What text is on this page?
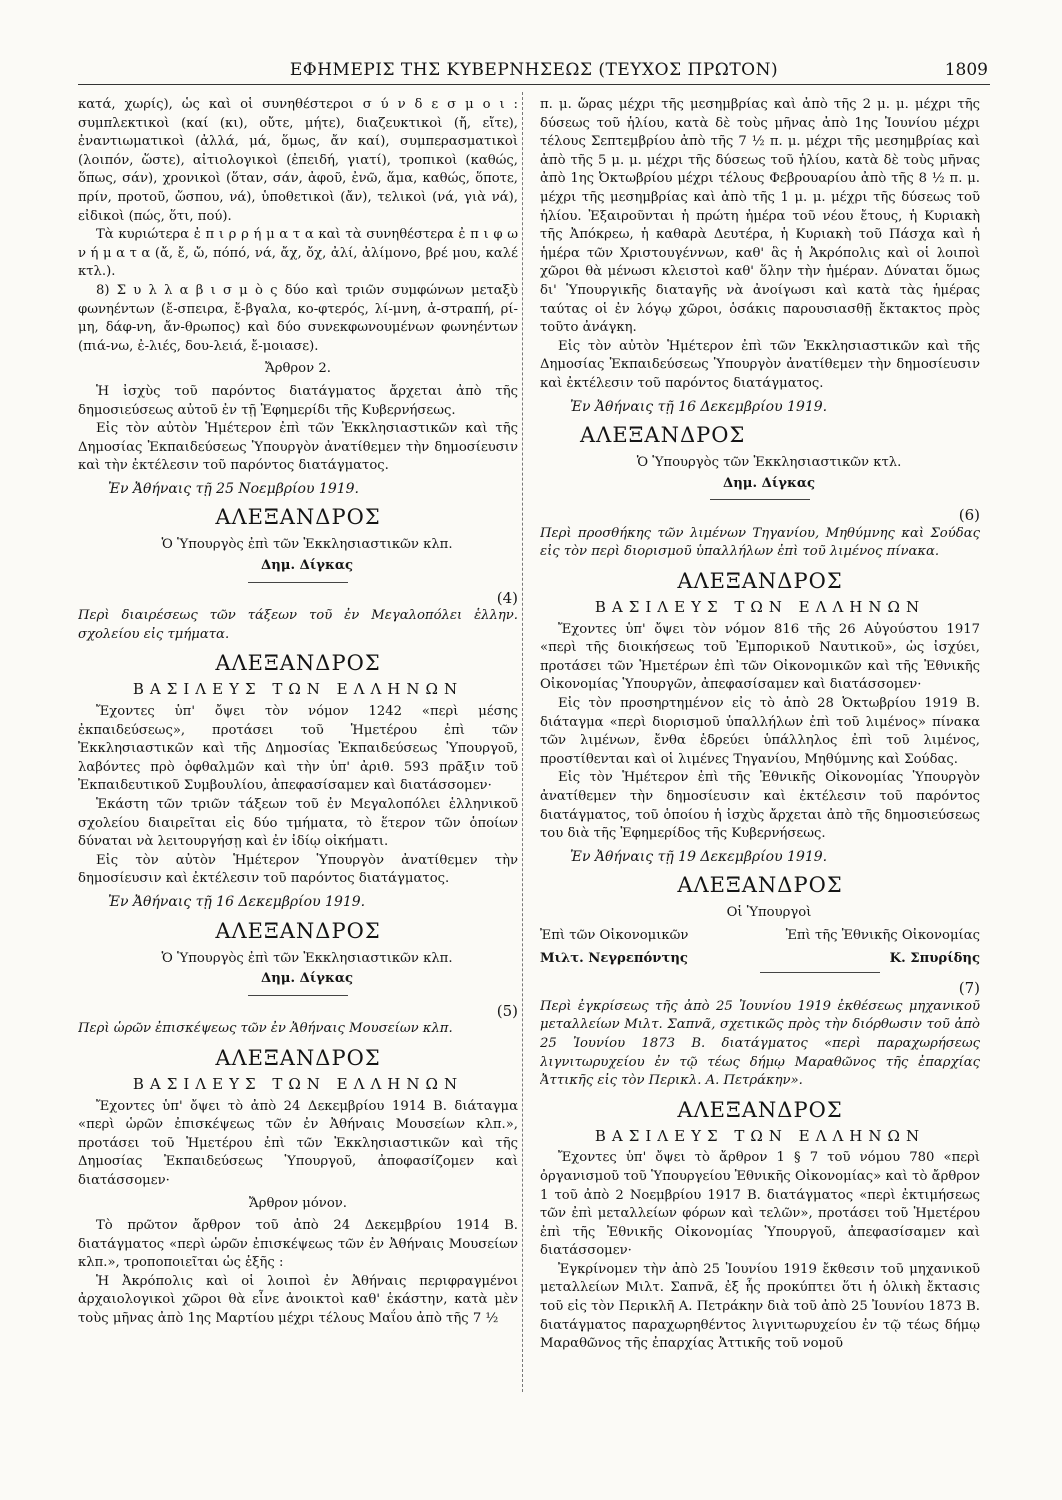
ΕΦΗΜΕΡΙΣ ΤΗΣ ΚΥΒΕΡΝΗΣΕΩΣ (ΤΕΥΧΟΣ ΠΡΩΤΟΝ)	1809

κατά, χωρίς), ὡς καὶ οἱ συνηθέστεροι σ ύ ν δ ε σ μ ο ι : συμπλεκτικοὶ (καί (κι), οὔτε, μήτε), διαζευκτικοὶ (ἤ, εἴτε), ἐναντιωματικοὶ (ἀλλά, μά, ὅμως, ἄν καί), συμπερασματικοὶ (λοιπόν, ὥστε), αἰτιολογικοὶ (ἐπειδή, γιατί), τροπικοὶ (καθώς, ὅπως, σάν), χρονικοὶ (ὅταν, σάν, ἀφοῦ, ἐνῶ, ἅμα, καθώς, ὅποτε, πρίν, προτοῦ, ὥσπου, νά), ὑποθετικοὶ (ἄν), τελικοὶ (νά, γιὰ νά), εἰδικοὶ (πώς, ὅτι, πού).

Τὰ κυριώτερα ἐ π ι ρ ρ ή μ α τ α καὶ τὰ συνηθέστερα ἐ π ι φ ω ν ή μ α τ α (ἄ, ἔ, ὤ, πόπό, νά, ἄχ, ὄχ, ἀλί, ἀλίμονο, βρέ μου, καλέ κτλ.).

8) Σ υ λ λ α β ι σ μ ὸ ς δύο καὶ τριῶν συμφώνων μεταξὺ φωνηέντων (ἔ-σπειρα, ἔ-βγαλα, κο-φτερός, λί-μνη, ἀ-στραπή, ρί-μη, δάφ-νη, ἄν-θρωπος) καὶ δύο συνεκφωνουμένων φωνηέντων (πιά-νω, ἐ-λιές, δου-λειά, ἔ-μοιασε).

Ἄρθρον 2.

Ἡ ἰσχὺς τοῦ παρόντος διατάγματος ἄρχεται ἀπὸ τῆς δημοσιεύσεως αὐτοῦ ἐν τῇ Ἐφημερίδι τῆς Κυβερνήσεως.

Εἰς τὸν αὐτὸν Ἡμέτερον ἐπὶ τῶν Ἐκκλησιαστικῶν καὶ τῆς Δημοσίας Ἐκπαιδεύσεως Ὑπουργὸν ἀνατίθεμεν τὴν δημοσίευσιν καὶ τὴν ἐκτέλεσιν τοῦ παρόντος διατάγματος.

Ἐν Ἀθήναις τῇ 25 Νοεμβρίου 1919.

ΑΛΕΞΑΝΔΡΟΣ

Ὁ Ὑπουργὸς ἐπὶ τῶν Ἐκκλησιαστικῶν κλπ.

Δημ. Δίγκας

(4)

Περὶ διαιρέσεως τῶν τάξεων τοῦ ἐν Μεγαλοπόλει ἑλλην. σχολείου εἰς τμήματα.

ΑΛΕΞΑΝΔΡΟΣ
ΒΑΣΙΛΕΥΣ ΤΩΝ ΕΛΛΗΝΩΝ

Ἔχοντες ὑπ' ὄψει τὸν νόμον 1242 «περὶ μέσης ἐκπαιδεύσεως», προτάσει τοῦ Ἡμετέρου ἐπὶ τῶν Ἐκκλησιαστικῶν καὶ τῆς Δημοσίας Ἐκπαιδεύσεως Ὑπουργοῦ, λαβόντες πρὸ ὀφθαλμῶν καὶ τὴν ὑπ' ἀριθ. 593 πρᾶξιν τοῦ Ἐκπαιδευτικοῦ Συμβουλίου, ἀπεφασίσαμεν καὶ διατάσσομεν·

Ἑκάστη τῶν τριῶν τάξεων τοῦ ἐν Μεγαλοπόλει ἑλληνικοῦ σχολείου διαιρεῖται εἰς δύο τμήματα, τὸ ἕτερον τῶν ὁποίων δύναται νὰ λειτουργήσῃ καὶ ἐν ἰδίῳ οἰκήματι.

Εἰς τὸν αὐτὸν Ἡμέτερον Ὑπουργὸν ἀνατίθεμεν τὴν δημοσίευσιν καὶ ἐκτέλεσιν τοῦ παρόντος διατάγματος.

Ἐν Ἀθήναις τῇ 16 Δεκεμβρίου 1919.

ΑΛΕΞΑΝΔΡΟΣ

Ὁ Ὑπουργὸς ἐπὶ τῶν Ἐκκλησιαστικῶν κλπ.

Δημ. Δίγκας

(5)

Περὶ ὡρῶν ἐπισκέψεως τῶν ἐν Ἀθήναις Μουσείων κλπ.

ΑΛΕΞΑΝΔΡΟΣ
ΒΑΣΙΛΕΥΣ ΤΩΝ ΕΛΛΗΝΩΝ

Ἔχοντες ὑπ' ὄψει τὸ ἀπὸ 24 Δεκεμβρίου 1914 Β. διάταγμα «περὶ ὡρῶν ἐπισκέψεως τῶν ἐν Ἀθήναις Μουσείων κλπ.», προτάσει τοῦ Ἡμετέρου ἐπὶ τῶν Ἐκκλησιαστικῶν καὶ τῆς Δημοσίας Ἐκπαιδεύσεως Ὑπουργοῦ, ἀποφασίζομεν καὶ διατάσσομεν·

Ἄρθρον μόνον.

Τὸ πρῶτον ἄρθρον τοῦ ἀπὸ 24 Δεκεμβρίου 1914 Β. διατάγματος «περὶ ὡρῶν ἐπισκέψεως τῶν ἐν Ἀθήναις Μουσείων κλπ.», τροποποιεῖται ὡς ἑξῆς :

Ἡ Ἀκρόπολις καὶ οἱ λοιποὶ ἐν Ἀθήναις περιφραγμένοι ἀρχαιολογικοὶ χῶροι θὰ εἶνε ἀνοικτοὶ καθ' ἑκάστην, κατὰ μὲν τοὺς μῆνας ἀπὸ 1ης Μαρτίου μέχρι τέλους Μαΐου ἀπὸ τῆς 7 ½

π. μ. ὥρας μέχρι τῆς μεσημβρίας καὶ ἀπὸ τῆς 2 μ. μ. μέχρι τῆς δύσεως τοῦ ἡλίου, κατὰ δὲ τοὺς μῆνας ἀπὸ 1ης Ἰουνίου μέχρι τέλους Σεπτεμβρίου ἀπὸ τῆς 7 ½ π. μ. μέχρι τῆς μεσημβρίας καὶ ἀπὸ τῆς 5 μ. μ. μέχρι τῆς δύσεως τοῦ ἡλίου, κατὰ δὲ τοὺς μῆνας ἀπὸ 1ης Ὀκτωβρίου μέχρι τέλους Φεβρουαρίου ἀπὸ τῆς 8 ½ π. μ. μέχρι τῆς μεσημβρίας καὶ ἀπὸ τῆς 1 μ. μ. μέχρι τῆς δύσεως τοῦ ἡλίου. Ἐξαιροῦνται ἡ πρώτη ἡμέρα τοῦ νέου ἔτους, ἡ Κυριακὴ τῆς Ἀπόκρεω, ἡ καθαρὰ Δευτέρα, ἡ Κυριακὴ τοῦ Πάσχα καὶ ἡ ἡμέρα τῶν Χριστουγέννων, καθ' ἃς ἡ Ἀκρόπολις καὶ οἱ λοιποὶ χῶροι θὰ μένωσι κλειστοὶ καθ' ὅλην τὴν ἡμέραν. Δύναται ὅμως δι' Ὑπουργικῆς διαταγῆς νὰ ἀνοίγωσι καὶ κατὰ τὰς ἡμέρας ταύτας οἱ ἐν λόγῳ χῶροι, ὁσάκις παρουσιασθῇ ἔκτακτος πρὸς τοῦτο ἀνάγκη.

Εἰς τὸν αὐτὸν Ἡμέτερον ἐπὶ τῶν Ἐκκλησιαστικῶν καὶ τῆς Δημοσίας Ἐκπαιδεύσεως Ὑπουργὸν ἀνατίθεμεν τὴν δημοσίευσιν καὶ ἐκτέλεσιν τοῦ παρόντος διατάγματος.

Ἐν Ἀθήναις τῇ 16 Δεκεμβρίου 1919.

ΑΛΕΞΑΝΔΡΟΣ

Ὁ Ὑπουργὸς τῶν Ἐκκλησιαστικῶν κτλ.

Δημ. Δίγκας

(6)

Περὶ προσθήκης τῶν λιμένων Τηγανίου, Μηθύμνης καὶ Σούδας εἰς τὸν περὶ διορισμοῦ ὑπαλλήλων ἐπὶ τοῦ λιμένος πίνακα.

ΑΛΕΞΑΝΔΡΟΣ
ΒΑΣΙΛΕΥΣ ΤΩΝ ΕΛΛΗΝΩΝ

Ἔχοντες ὑπ' ὄψει τὸν νόμον 816 τῆς 26 Αὐγούστου 1917 «περὶ τῆς διοικήσεως τοῦ Ἐμπορικοῦ Ναυτικοῦ», ὡς ἰσχύει, προτάσει τῶν Ἡμετέρων ἐπὶ τῶν Οἰκονομικῶν καὶ τῆς Ἐθνικῆς Οἰκονομίας Ὑπουργῶν, ἀπεφασίσαμεν καὶ διατάσσομεν·

Εἰς τὸν προσηρτημένον εἰς τὸ ἀπὸ 28 Ὀκτωβρίου 1919 Β. διάταγμα «περὶ διορισμοῦ ὑπαλλήλων ἐπὶ τοῦ λιμένος» πίνακα τῶν λιμένων, ἔνθα ἑδρεύει ὑπάλληλος ἐπὶ τοῦ λιμένος, προστίθενται καὶ οἱ λιμένες Τηγανίου, Μηθύμνης καὶ Σούδας.

Εἰς τὸν Ἡμέτερον ἐπὶ τῆς Ἐθνικῆς Οἰκονομίας Ὑπουργὸν ἀνατίθεμεν τὴν δημοσίευσιν καὶ ἐκτέλεσιν τοῦ παρόντος διατάγματος, τοῦ ὁποίου ἡ ἰσχὺς ἄρχεται ἀπὸ τῆς δημοσιεύσεως του διὰ τῆς Ἐφημερίδος τῆς Κυβερνήσεως.

Ἐν Ἀθήναις τῇ 19 Δεκεμβρίου 1919.

ΑΛΕΞΑΝΔΡΟΣ

Οἱ Ὑπουργοὶ

Ἐπὶ τῶν Οἰκονομικῶν	Ἐπὶ τῆς Ἐθνικῆς Οἰκονομίας
Μιλτ. Νεγρεπόντης	Κ. Σπυρίδης

(7)

Περὶ ἐγκρίσεως τῆς ἀπὸ 25 Ἰουνίου 1919 ἐκθέσεως μηχανικοῦ μεταλλείων Μιλτ. Σαπνᾶ, σχετικῶς πρὸς τὴν διόρθωσιν τοῦ ἀπὸ 25 Ἰουνίου 1873 Β. διατάγματος «περὶ παραχωρήσεως λιγνιτωρυχείου ἐν τῷ τέως δήμῳ Μαραθῶνος τῆς ἐπαρχίας Ἀττικῆς εἰς τὸν Περικλ. Α. Πετράκην».

ΑΛΕΞΑΝΔΡΟΣ
ΒΑΣΙΛΕΥΣ ΤΩΝ ΕΛΛΗΝΩΝ

Ἔχοντες ὑπ' ὄψει τὸ ἄρθρον 1 § 7 τοῦ νόμου 780 «περὶ ὀργανισμοῦ τοῦ Ὑπουργείου Ἐθνικῆς Οἰκονομίας» καὶ τὸ ἄρθρον 1 τοῦ ἀπὸ 2 Νοεμβρίου 1917 Β. διατάγματος «περὶ ἐκτιμήσεως τῶν ἐπὶ μεταλλείων φόρων καὶ τελῶν», προτάσει τοῦ Ἡμετέρου ἐπὶ τῆς Ἐθνικῆς Οἰκονομίας Ὑπουργοῦ, ἀπεφασίσαμεν καὶ διατάσσομεν·

Ἐγκρίνομεν τὴν ἀπὸ 25 Ἰουνίου 1919 ἔκθεσιν τοῦ μηχανικοῦ μεταλλείων Μιλτ. Σαπνᾶ, ἐξ ἧς προκύπτει ὅτι ἡ ὁλικὴ ἔκτασις τοῦ εἰς τὸν Περικλῆ Α. Πετράκην διὰ τοῦ ἀπὸ 25 Ἰουνίου 1873 Β. διατάγματος παραχωρηθέντος λιγνιτωρυχείου ἐν τῷ τέως δήμῳ Μαραθῶνος τῆς ἐπαρχίας Ἀττικῆς τοῦ νομοῦ
